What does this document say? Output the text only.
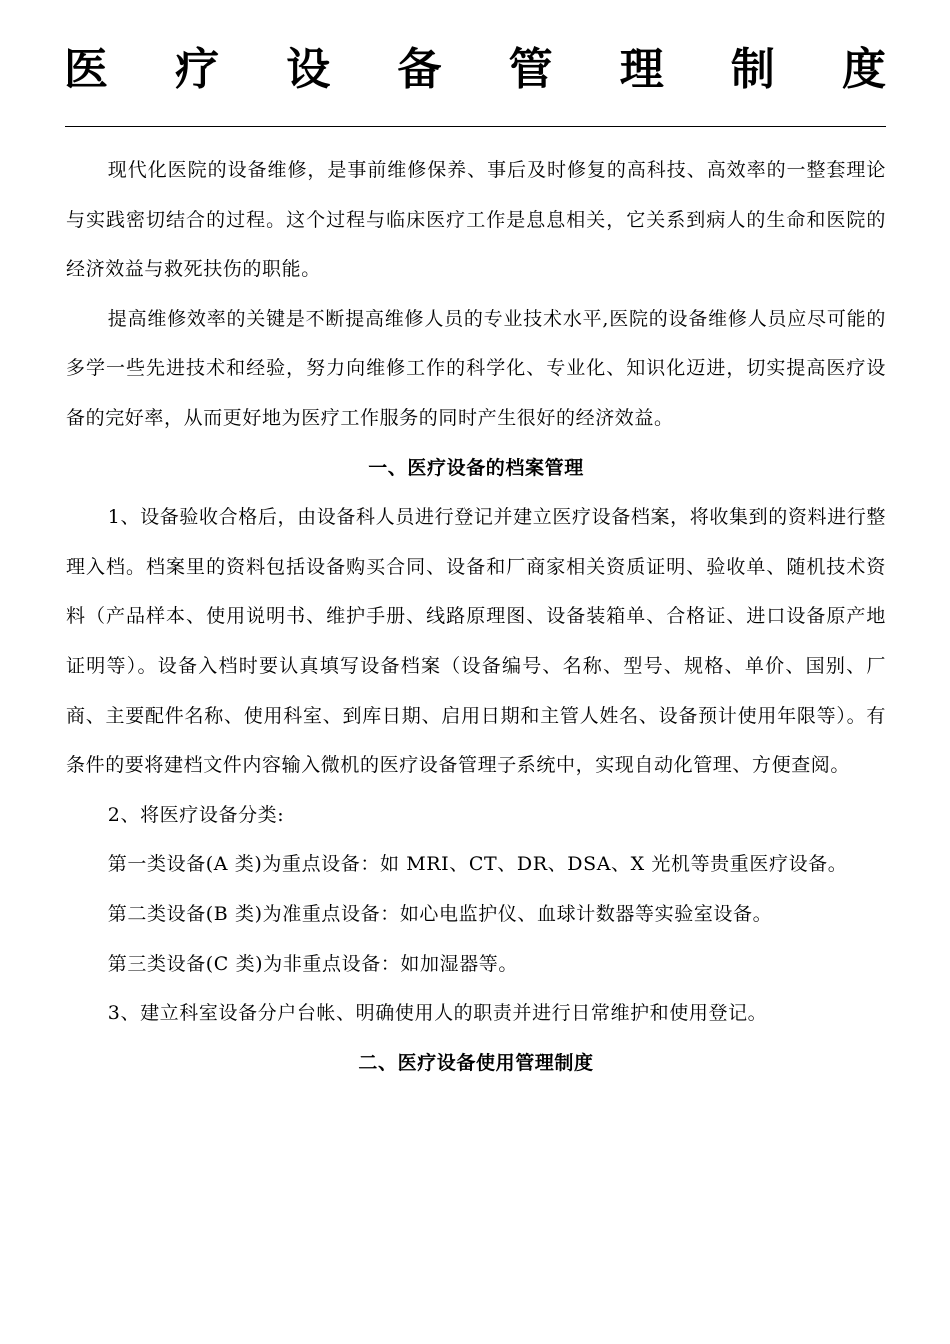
医疗设备管理制度

现代化医院的设备维修，是事前维修保养、事后及时修复的高科技、高效率的一整套理论与实践密切结合的过程。这个过程与临床医疗工作是息息相关，它关系到病人的生命和医院的经济效益与救死扶伤的职能。

提高维修效率的关键是不断提高维修人员的专业技术水平,医院的设备维修人员应尽可能的多学一些先进技术和经验，努力向维修工作的科学化、专业化、知识化迈进，切实提高医疗设备的完好率，从而更好地为医疗工作服务的同时产生很好的经济效益。

一、医疗设备的档案管理

1、设备验收合格后，由设备科人员进行登记并建立医疗设备档案，将收集到的资料进行整理入档。档案里的资料包括设备购买合同、设备和厂商家相关资质证明、验收单、随机技术资料（产品样本、使用说明书、维护手册、线路原理图、设备装箱单、合格证、进口设备原产地证明等）。设备入档时要认真填写设备档案（设备编号、名称、型号、规格、单价、国别、厂商、主要配件名称、使用科室、到库日期、启用日期和主管人姓名、设备预计使用年限等）。有条件的要将建档文件内容输入微机的医疗设备管理子系统中，实现自动化管理、方便查阅。

2、将医疗设备分类:

第一类设备(A 类)为重点设备：如 MRI、CT、DR、DSA、X 光机等贵重医疗设备。

第二类设备(B 类)为准重点设备：如心电监护仪、血球计数器等实验室设备。

第三类设备(C 类)为非重点设备：如加湿器等。

3、建立科室设备分户台帐、明确使用人的职责并进行日常维护和使用登记。

二、医疗设备使用管理制度
